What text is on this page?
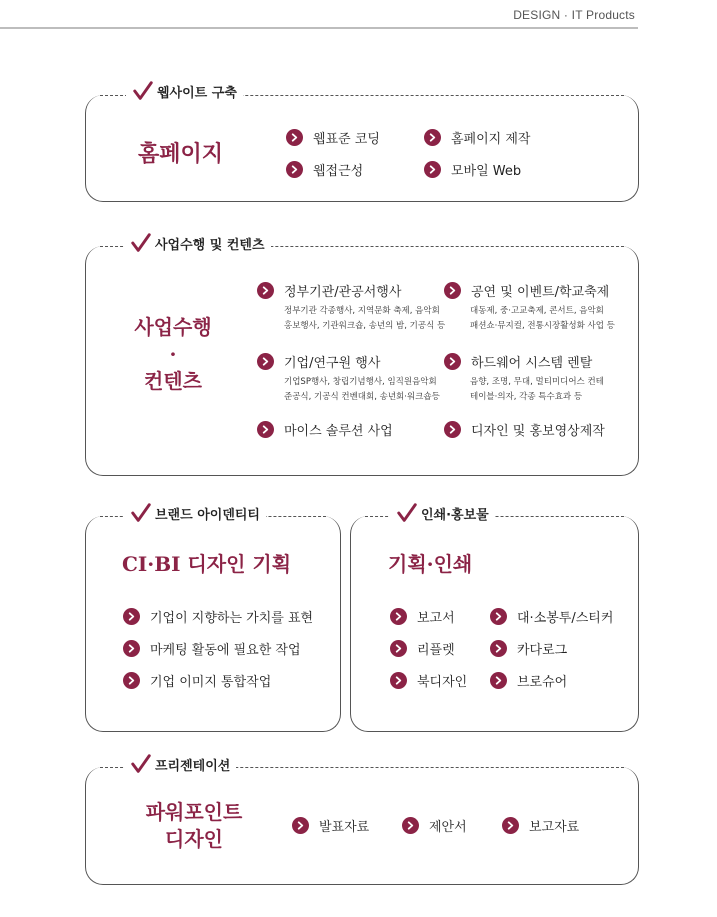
DESIGN · IT Products
웹사이트 구축
홈페이지
웹표준 코딩	홈페이지 제작
웹접근성	모바일 Web
사업수행 및 컨텐츠
사업수행
·
컨텐츠
정부기관/관공서행사
정부기관 각종행사, 지역문화 축제, 음악회
홍보행사, 기관워크숍, 송년의 밤, 기공식 등
공연 및 이벤트/학교축제
대동제, 중·고교축제, 콘서트, 음악회
패션쇼·뮤지컬, 전통시장활성화 사업 등
기업/연구원 행사
기업SP행사, 창립기념행사, 임직원음악회
준공식, 기공식 컨벤대회, 송년회·워크숍등
하드웨어 시스템 렌탈
음향, 조명, 무대, 멀티미디어스 컨테
테이블·의자, 각종 특수효과 등
마이스 솔루션 사업	디자인 및 홍보영상제작
브랜드 아이덴티티
CI·BI 디자인 기획
기업이 지향하는 가치를 표현
마케팅 활동에 필요한 작업
기업 이미지 통합작업
인쇄·홍보물
기획·인쇄
보고서	대·소봉투/스티커
리플렛	카다로그
북디자인	브로슈어
프리젠테이션
파워포인트
디자인	발표자료	제안서	보고자료
